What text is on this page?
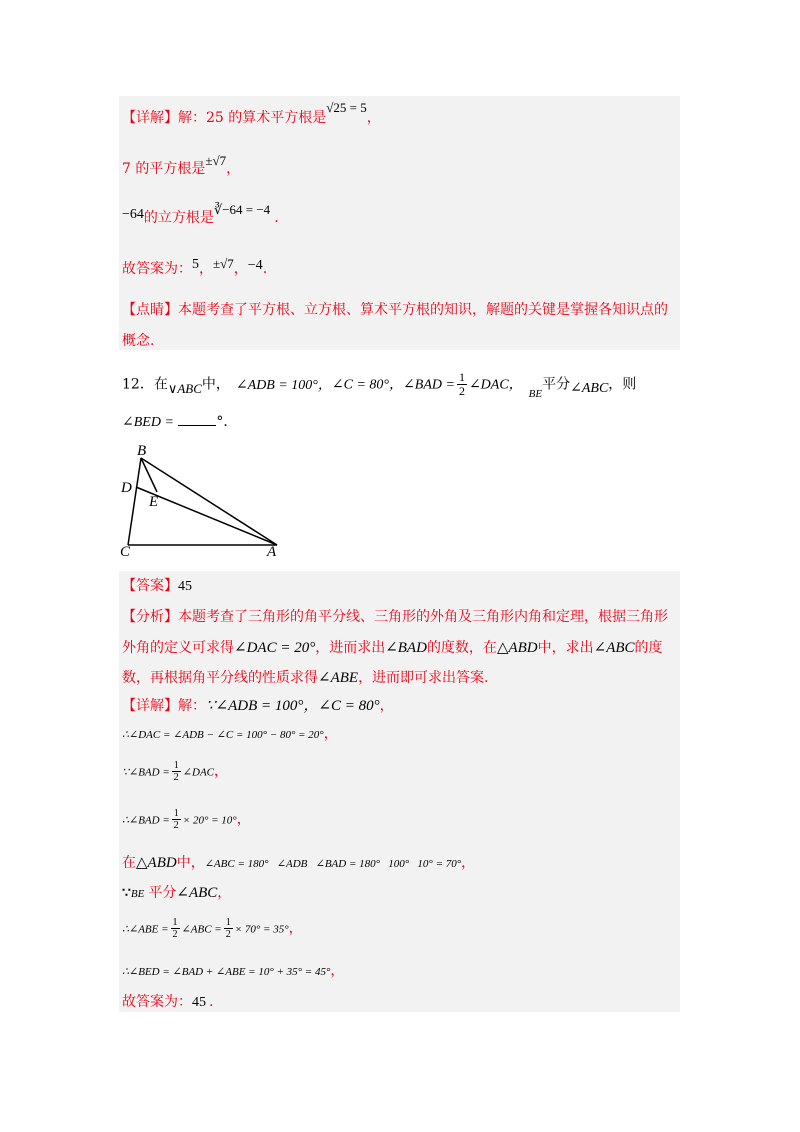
【详解】解：25 的算术平方根是√25 = 5，
7 的平方根是±√7，
−64的立方根是∛−64 = −4.
故答案为：5，±√7，−4.
【点睛】本题考查了平方根、立方根、算术平方根的知识，解题的关键是掌握各知识点的
概念.
12．在∨ABC中， ∠ADB = 100°，∠C = 80°，∠BAD = $\frac{1}{2}$ ∠DAC，$_{BE}$平分∠ABC，则
∠BED =	°．
B
D
E
C	A
【答案】45
【分析】本题考查了三角形的角平分线、三角形的外角及三角形内角和定理，根据三角形
外角的定义可求得∠DAC = 20°，进而求出∠BAD的度数，在△ABD中，求出∠ABC的度
数，再根据角平分线的性质求得∠ABE，进而即可求出答案.
【详解】解：∵∠ADB = 100°，∠C = 80°，
∴∠DAC = ∠ADB − ∠C = 100° − 80° = 20°，
∵∠BAD = $\frac{1}{2}$ ∠DAC，
∴∠BAD = $\frac{1}{2} \times 20^\circ = 10^\circ$，
在△ABD中，∠ABC = 180°   ∠ADB   ∠BAD = 180°   100°   10° = 70°，
∵BE 平分∠ABC，
∴∠ABE = $\frac{1}{2}$ ∠ABC = $\frac{1}{2} \times 70^\circ = 35^\circ$，
∴∠BED = ∠BAD + ∠ABE = 10° + 35° = 45°，
故答案为：45 .
